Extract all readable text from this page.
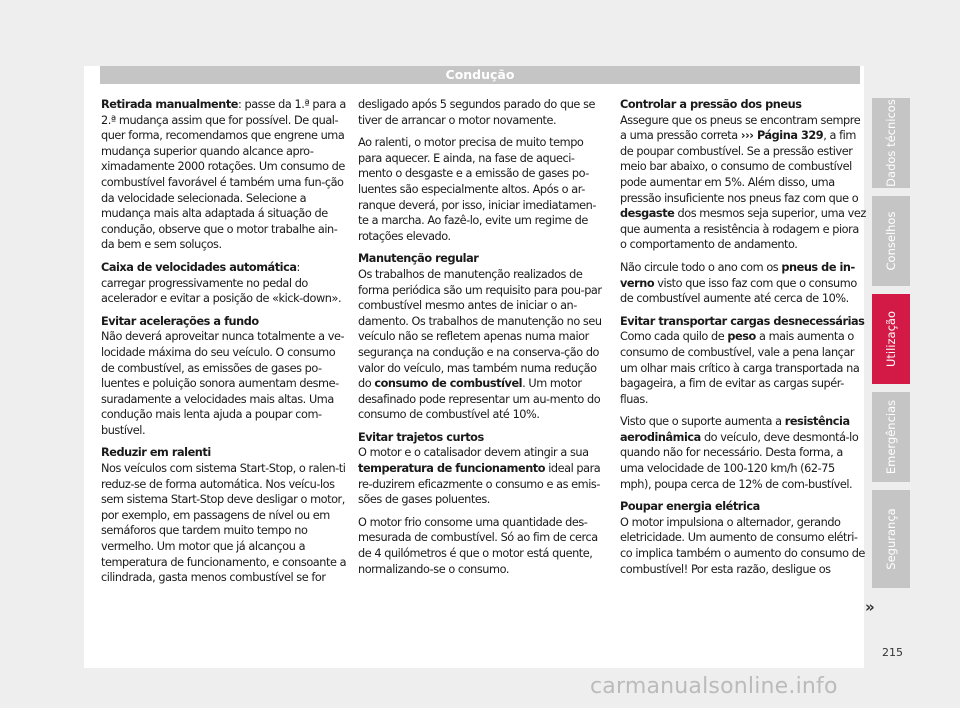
Condução

Retirada manualmente: passe da 1.ª para a 2.ª mudança assim que for possível. De qual-quer forma, recomendamos que engrene uma mudança superior quando alcance apro-ximadamente 2000 rotações. Um consumo de combustível favorável é também uma fun-ção da velocidade selecionada. Selecione a mudança mais alta adaptada á situação de condução, observe que o motor trabalhe ain-da bem e sem soluços.

Caixa de velocidades automática: carregar progressivamente no pedal do acelerador e evitar a posição de «kick-down».

Evitar acelerações a fundo

Não deverá aproveitar nunca totalmente a ve-locidade máxima do seu veículo. O consumo de combustível, as emissões de gases po-luentes e poluição sonora aumentam desme-suradamente a velocidades mais altas. Uma condução mais lenta ajuda a poupar com-bustível.

Reduzir em ralenti

Nos veículos com sistema Start-Stop, o ralen-ti reduz-se de forma automática. Nos veícu-los sem sistema Start-Stop deve desligar o motor, por exemplo, em passagens de nível ou em semáforos que tardem muito tempo no vermelho. Um motor que já alcançou a temperatura de funcionamento, e consoante a cilindrada, gasta menos combustível se for

desligado após 5 segundos parado do que se tiver de arrancar o motor novamente.

Ao ralenti, o motor precisa de muito tempo para aquecer. E ainda, na fase de aqueci-mento o desgaste e a emissão de gases po-luentes são especialmente altos. Após o ar-ranque deverá, por isso, iniciar imediatamen-te a marcha. Ao fazê-lo, evite um regime de rotações elevado.

Manutenção regular

Os trabalhos de manutenção realizados de forma periódica são um requisito para pou-par combustível mesmo antes de iniciar o an-damento. Os trabalhos de manutenção no seu veículo não se refletem apenas numa maior segurança na condução e na conserva-ção do valor do veículo, mas também numa redução do consumo de combustível. Um motor desafinado pode representar um au-mento do consumo de combustível até 10%.

Evitar trajetos curtos

O motor e o catalisador devem atingir a sua temperatura de funcionamento ideal para re-duzirem eficazmente o consumo e as emis-sões de gases poluentes.

O motor frio consome uma quantidade des-mesurada de combustível. Só ao fim de cerca de 4 quilómetros é que o motor está quente, normalizando-se o consumo.

Controlar a pressão dos pneus

Assegure que os pneus se encontram sempre a uma pressão correta ››› Página 329, a fim de poupar combustível. Se a pressão estiver meio bar abaixo, o consumo de combustível pode aumentar em 5%. Além disso, uma pressão insuficiente nos pneus faz com que o desgaste dos mesmos seja superior, uma vez que aumenta a resistência à rodagem e piora o comportamento de andamento.

Não circule todo o ano com os pneus de in-verno visto que isso faz com que o consumo de combustível aumente até cerca de 10%.

Evitar transportar cargas desnecessárias

Como cada quilo de peso a mais aumenta o consumo de combustível, vale a pena lançar um olhar mais crítico à carga transportada na bagageira, a fim de evitar as cargas supér-fluas.

Visto que o suporte aumenta a resistência aerodinâmica do veículo, deve desmontá-lo quando não for necessário. Desta forma, a uma velocidade de 100-120 km/h (62-75 mph), poupa cerca de 12% de com-bustível.

Poupar energia elétrica

O motor impulsiona o alternador, gerando eletricidade. Um aumento de consumo elétri-co implica também o aumento do consumo de combustível! Por esta razão, desligue os

Dados técnicos
Conselhos
Utilização
Emergências
Segurança
»
215
carmanualsonline.info
